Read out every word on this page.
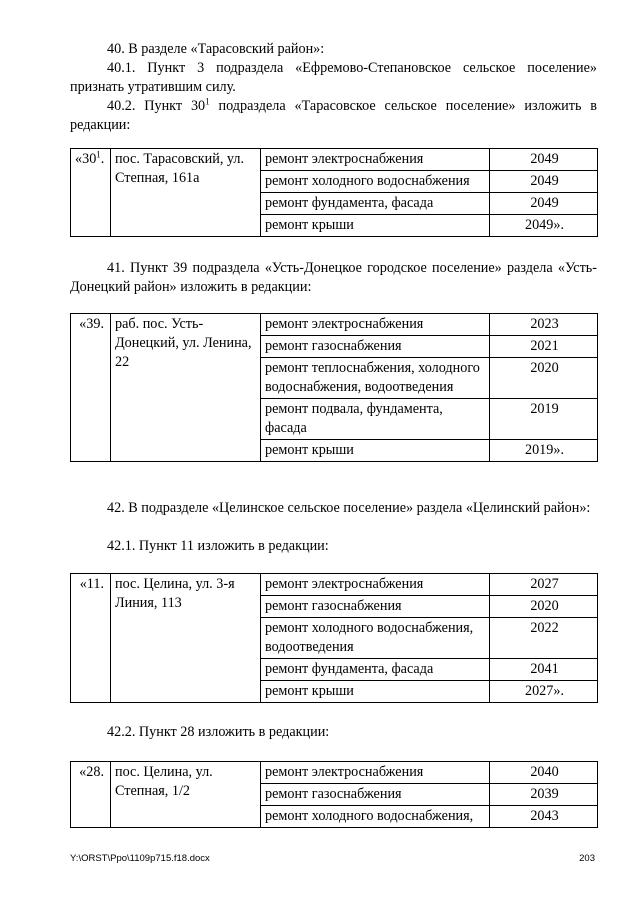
40. В разделе «Тарасовский район»:

40.1. Пункт 3 подраздела «Ефремово-Степановское сельское поселение» признать утратившим силу.

40.2. Пункт $30^1$ подраздела «Тарасовское сельское поселение» изложить в редакции:

«$30^1$.	пос. Тарасовский, ул. Степная, 161а	ремонт электроснабжения	2049
		ремонт холодного водоснабжения	2049
		ремонт фундамента, фасада	2049
		ремонт крыши	2049».

41. Пункт 39 подраздела «Усть-Донецкое городское поселение» раздела «Усть-Донецкий район» изложить в редакции:

«39.	раб. пос. Усть-Донецкий, ул. Ленина, 22	ремонт электроснабжения	2023
		ремонт газоснабжения	2021
		ремонт теплоснабжения, холодного водоснабжения, водоотведения	2020
		ремонт подвала, фундамента, фасада	2019
		ремонт крыши	2019».

42. В подразделе «Целинское сельское поселение» раздела «Целинский район»:

42.1. Пункт 11 изложить в редакции:

«11.	пос. Целина, ул. 3-я Линия, 113	ремонт электроснабжения	2027
		ремонт газоснабжения	2020
		ремонт холодного водоснабжения, водоотведения	2022
		ремонт фундамента, фасада	2041
		ремонт крыши	2027».

42.2. Пункт 28 изложить в редакции:

«28.	пос. Целина, ул. Степная, 1/2	ремонт электроснабжения	2040
		ремонт газоснабжения	2039
		ремонт холодного водоснабжения,	2043
Y:\ORST\Ppo\1109p715.f18.docx	203
